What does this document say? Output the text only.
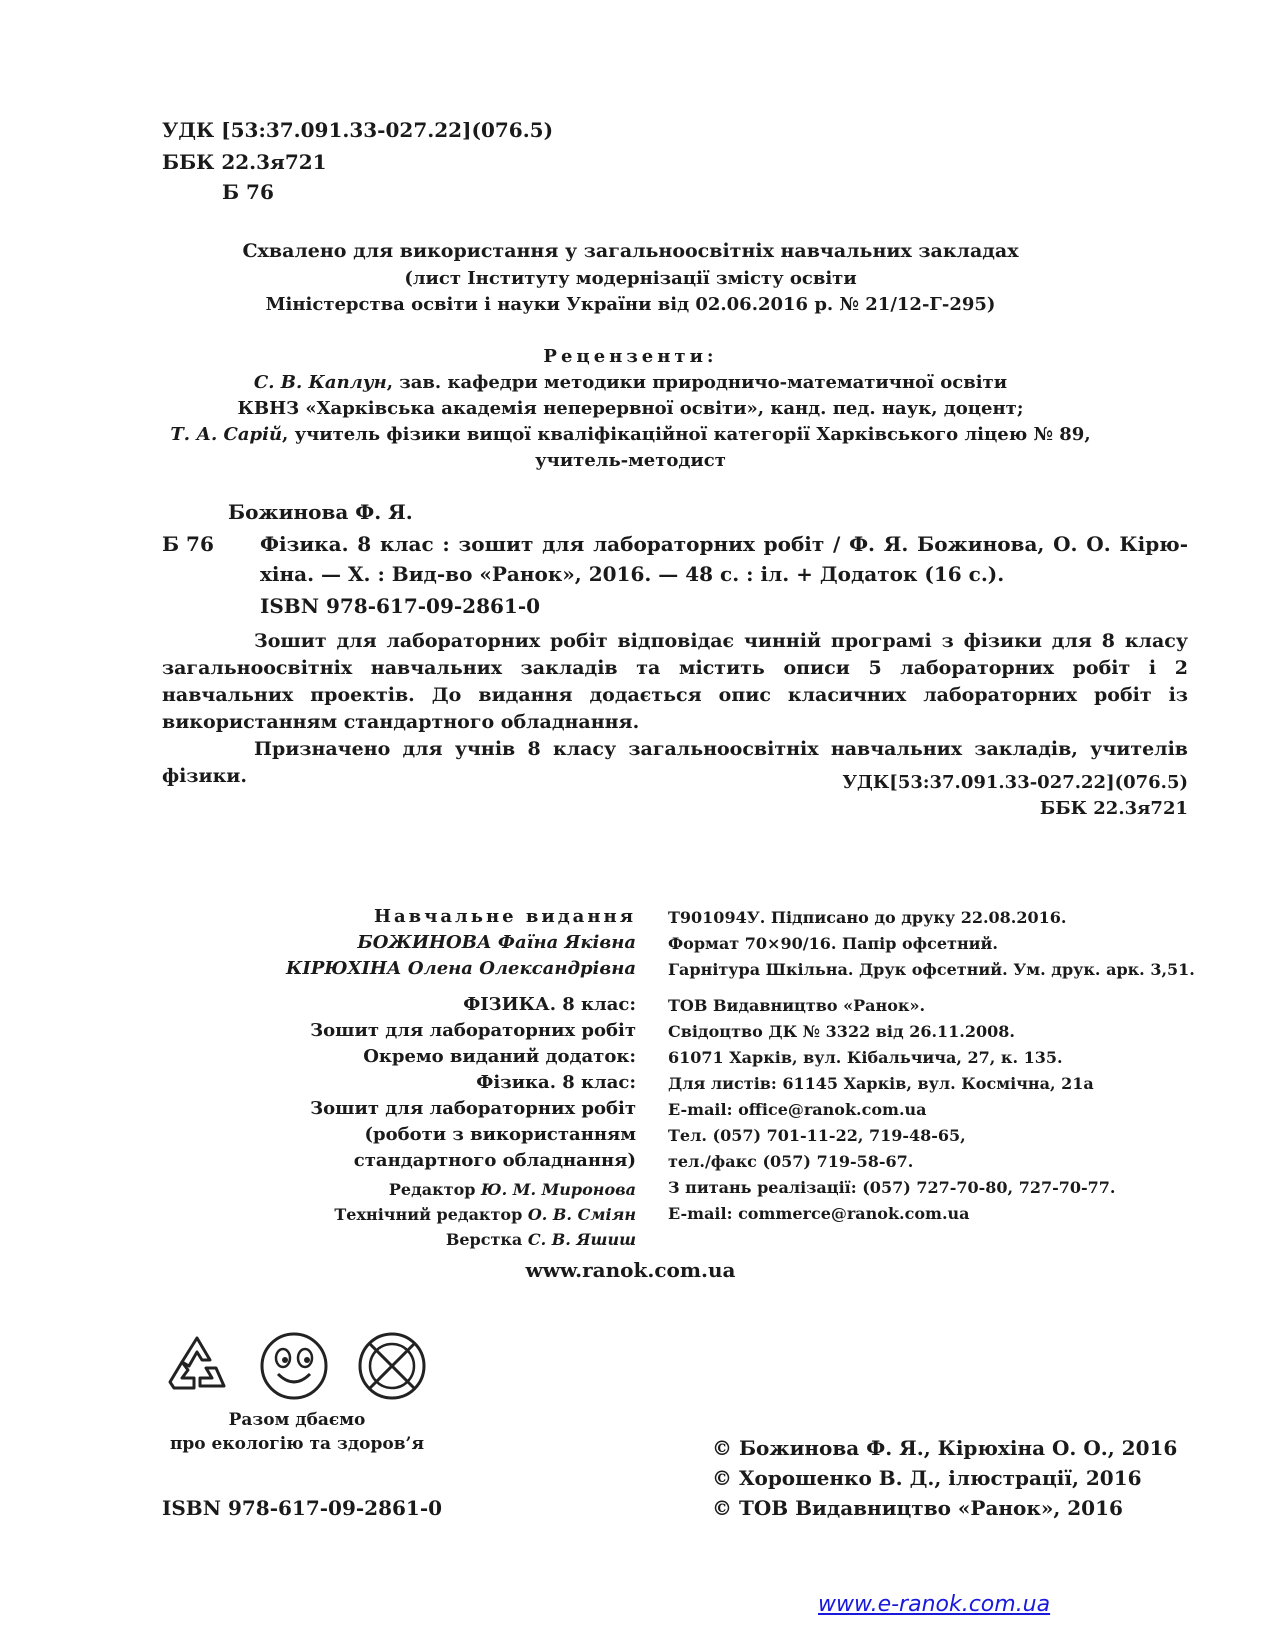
УДК [53:37.091.33-027.22](076.5)
ББК 22.3я721
Б 76
Схвалено для використання у загальноосвітніх навчальних закладах
(лист Інституту модернізації змісту освіти
Міністерства освіти і науки України від 02.06.2016 р. № 21/12-Г-295)
Рецензенти:
С. В. Каплун, зав. кафедри методики природничо-математичної освіти
КВНЗ «Харківська академія неперервної освіти», канд. пед. наук, доцент;
Т. А. Сарій, учитель фізики вищої кваліфікаційної категорії Харківського ліцею № 89,
учитель-методист
Божинова Ф. Я.
Б 76 Фізика. 8 клас : зошит для лабораторних робіт / Ф. Я. Божинова, О. О. Кірю-
хіна. — Х. : Вид-во «Ранок», 2016. — 48 с. : іл. + Додаток (16 с.).
ISBN 978-617-09-2861-0
Зошит для лабораторних робіт відповідає чинній програмі з фізики для 8 класу загальноосвітніх навчальних закладів та містить описи 5 лабораторних робіт і 2 навчальних проектів. До видання додається опис класичних лабораторних робіт із використанням стандартного обладнання.
Призначено для учнів 8 класу загальноосвітніх навчальних закладів, учителів фізики.	УДК[53:37.091.33-027.22](076.5)
ББК 22.3я721
Навчальне видання
БОЖИНОВА Фаїна Яківна
КІРЮХІНА Олена Олександрівна
ФІЗИКА. 8 клас:
Зошит для лабораторних робіт
Окремо виданий додаток:
Фізика. 8 клас:
Зошит для лабораторних робіт
(роботи з використанням
стандартного обладнання)
Редактор Ю. М. Миронова
Технічний редактор О. В. Сміян
Верстка С. В. Яшиш
Т901094У. Підписано до друку 22.08.2016.
Формат 70×90/16. Папір офсетний.
Гарнітура Шкільна. Друк офсетний. Ум. друк. арк. 3,51.
ТОВ Видавництво «Ранок».
Свідоцтво ДК № 3322 від 26.11.2008.
61071 Харків, вул. Кібальчича, 27, к. 135.
Для листів: 61145 Харків, вул. Космічна, 21а
E-mail: office@ranok.com.ua
Тел. (057) 701-11-22, 719-48-65,
тел./факс (057) 719-58-67.
З питань реалізації: (057) 727-70-80, 727-70-77.
E-mail: commerce@ranok.com.ua
www.ranok.com.ua
Разом дбаємо
про екологію та здоров’я
ISBN 978-617-09-2861-0
© Божинова Ф. Я., Кірюхіна О. О., 2016
© Хорошенко В. Д., ілюстрації, 2016
© ТОВ Видавництво «Ранок», 2016
www.e-ranok.com.ua
